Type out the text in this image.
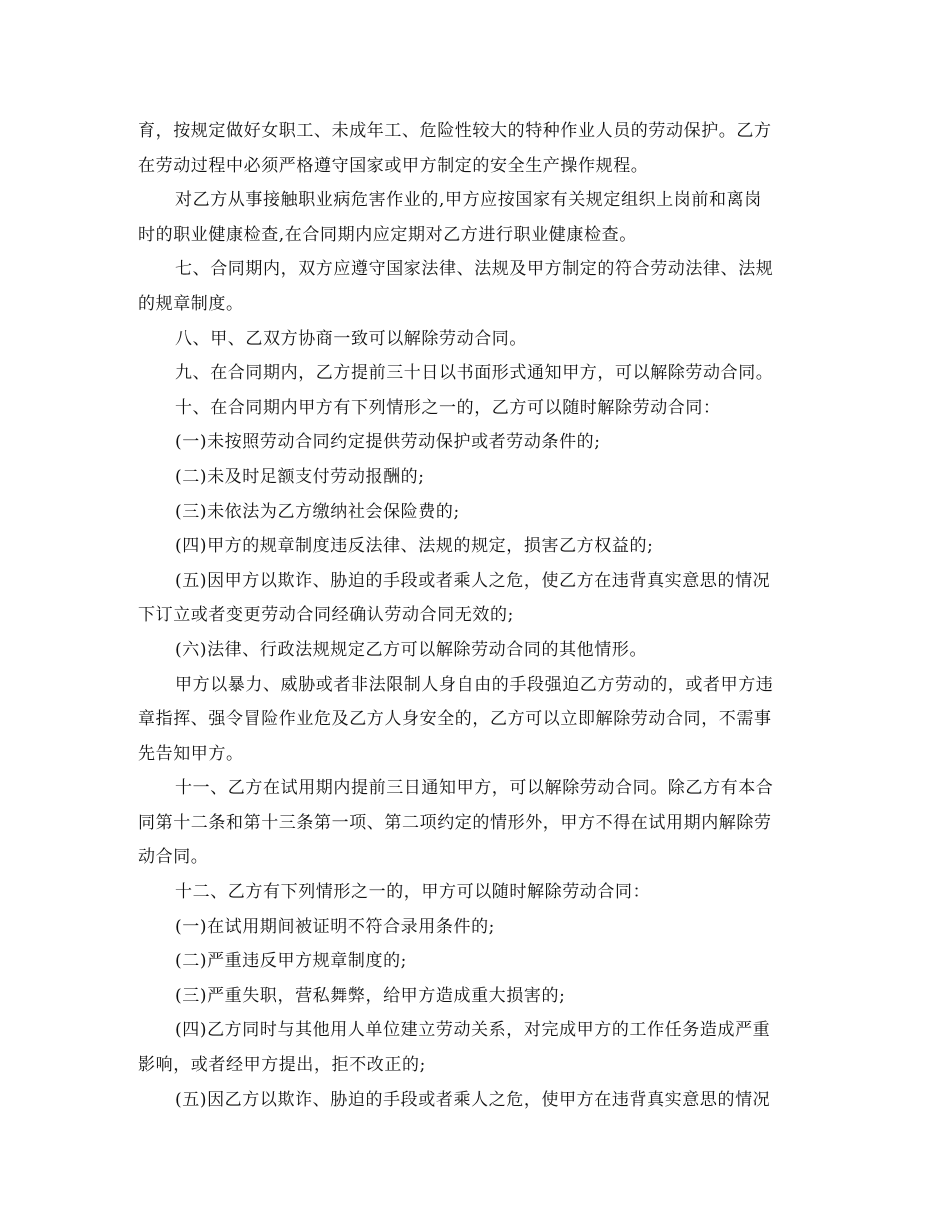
育，按规定做好女职工、未成年工、危险性较大的特种作业人员的劳动保护。乙方
在劳动过程中必须严格遵守国家或甲方制定的安全生产操作规程。
对乙方从事接触职业病危害作业的,甲方应按国家有关规定组织上岗前和离岗
时的职业健康检查,在合同期内应定期对乙方进行职业健康检查。
七、合同期内，双方应遵守国家法律、法规及甲方制定的符合劳动法律、法规
的规章制度。
八、甲、乙双方协商一致可以解除劳动合同。
九、在合同期内，乙方提前三十日以书面形式通知甲方，可以解除劳动合同。
十、在合同期内甲方有下列情形之一的，乙方可以随时解除劳动合同：
(一)未按照劳动合同约定提供劳动保护或者劳动条件的;
(二)未及时足额支付劳动报酬的;
(三)未依法为乙方缴纳社会保险费的;
(四)甲方的规章制度违反法律、法规的规定，损害乙方权益的;
(五)因甲方以欺诈、胁迫的手段或者乘人之危，使乙方在违背真实意思的情况
下订立或者变更劳动合同经确认劳动合同无效的;
(六)法律、行政法规规定乙方可以解除劳动合同的其他情形。
甲方以暴力、威胁或者非法限制人身自由的手段强迫乙方劳动的，或者甲方违
章指挥、强令冒险作业危及乙方人身安全的，乙方可以立即解除劳动合同，不需事
先告知甲方。
十一、乙方在试用期内提前三日通知甲方，可以解除劳动合同。除乙方有本合
同第十二条和第十三条第一项、第二项约定的情形外，甲方不得在试用期内解除劳
动合同。
十二、乙方有下列情形之一的，甲方可以随时解除劳动合同：
(一)在试用期间被证明不符合录用条件的;
(二)严重违反甲方规章制度的;
(三)严重失职，营私舞弊，给甲方造成重大损害的;
(四)乙方同时与其他用人单位建立劳动关系，对完成甲方的工作任务造成严重
影响，或者经甲方提出，拒不改正的;
(五)因乙方以欺诈、胁迫的手段或者乘人之危，使甲方在违背真实意思的情况
